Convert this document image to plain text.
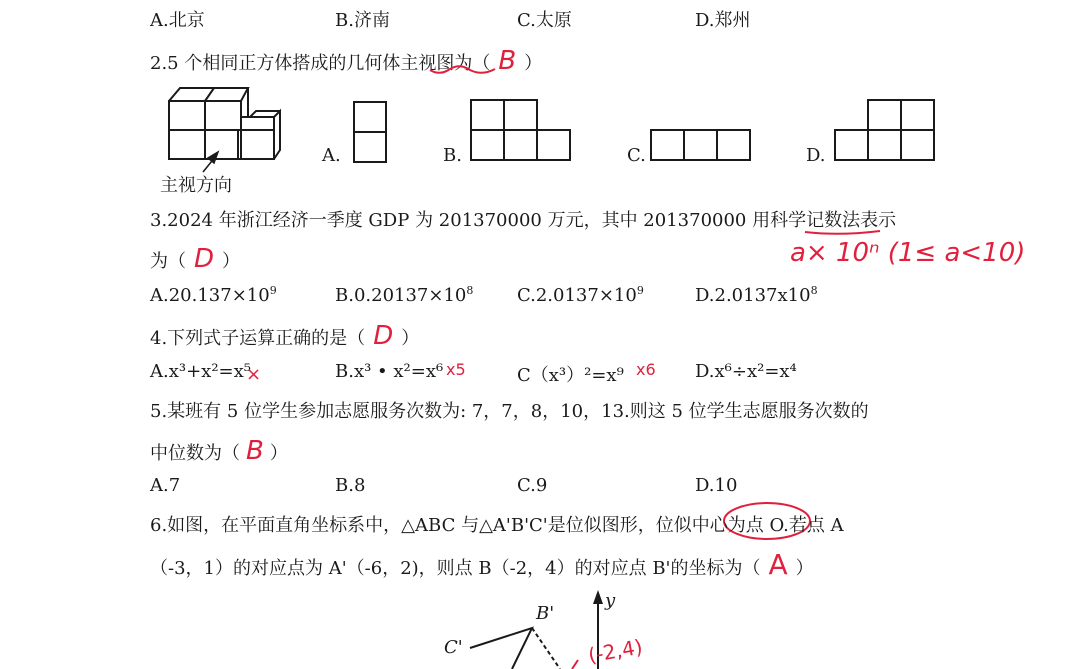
A.北京	B.济南	C.太原	D.郑州
2.5 个相同正方体搭成的几何体主视图为（ B ）
主视方向
A.	B.	C.	D.
3.2024 年浙江经济一季度 GDP 为 201370000 万元，其中 201370000 用科学记数法表示
为（ D ）	a× 10ⁿ (1≤ a<10)
$A.20.137\times 10^9$	$B.0.20137\times 10^8$ $C.2.0137\times 10^9$	$D.2.0137x10^8$
4.下列式子运算正确的是（ D ）
A.x³+x²=x⁵
×	B.x³ • x²=x⁶ x5	C（x³）²=x⁹ x6 D.x⁶÷x²=x⁴
5.某班有 5 位学生参加志愿服务次数为: 7，7，8，10，13.则这 5 位学生志愿服务次数的
中位数为（ B ）
A.7	B.8	C.9	D.10
6.如图，在平面直角坐标系中，△ABC 与△A'B'C'是位似图形，位似中心为点 O.若点 A
（-3，1）的对应点为 A'（-6，2)，则点 B（-2，4）的对应点 B'的坐标为（ A ）
B'
C'
y
(-2,4)
